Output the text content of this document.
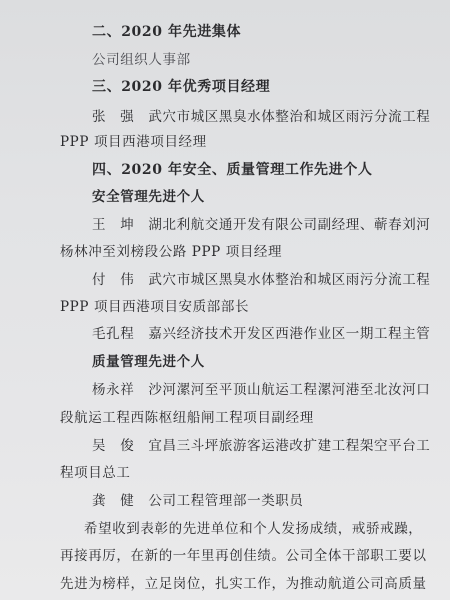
二、2020 年先进集体
公司组织人事部
三、2020 年优秀项目经理
张　强　武穴市城区黑臭水体整治和城区雨污分流工程
PPP 项目西港项目经理
四、2020 年安全、质量管理工作先进个人
安全管理先进个人
王　坤　湖北利航交通开发有限公司副经理、蕲春刘河
杨林冲至刘榜段公路 PPP 项目经理
付　伟　武穴市城区黑臭水体整治和城区雨污分流工程
PPP 项目西港项目安质部部长
毛孔程　嘉兴经济技术开发区西港作业区一期工程主管
质量管理先进个人
杨永祥　沙河漯河至平顶山航运工程漯河港至北汝河口
段航运工程西陈枢纽船闸工程项目副经理
吴　俊　宜昌三斗坪旅游客运港改扩建工程架空平台工
程项目总工
龚　健　公司工程管理部一类职员
希望收到表彰的先进单位和个人发扬成绩，戒骄戒躁，
再接再厉，在新的一年里再创佳绩。公司全体干部职工要以
先进为榜样，立足岗位，扎实工作，为推动航道公司高质量
